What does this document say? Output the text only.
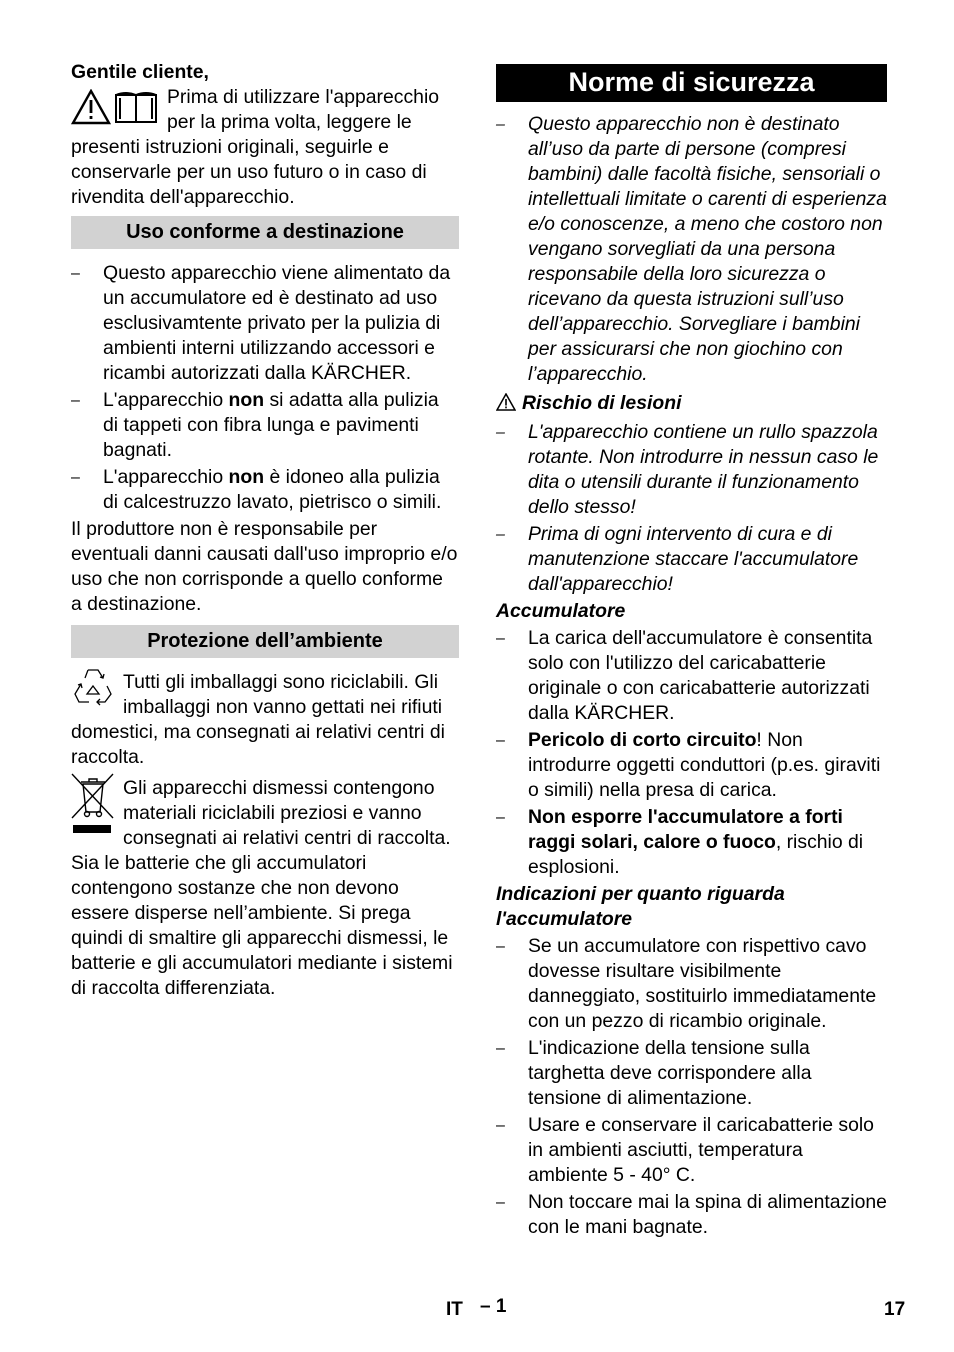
Gentile cliente,

Prima di utilizzare l'apparecchio per la prima volta, leggere le presenti istruzioni originali, seguirle e conservarle per un uso futuro o in caso di rivendita dell'apparecchio.

Uso conforme a destinazione
– Questo apparecchio viene alimentato da un accumulatore ed è destinato ad uso esclusivamtente privato per la pulizia di ambienti interni utilizzando accessori e ricambi autorizzati dalla KÄRCHER.
– L'apparecchio non si adatta alla pulizia di tappeti con fibra lunga e pavimenti bagnati.
– L'apparecchio non è idoneo alla pulizia di calcestruzzo lavato, pietrisco o simili.

Il produttore non è responsabile per eventuali danni causati dall'uso improprio e/o uso che non corrisponde a quello conforme a destinazione.

Protezione dell’ambiente

Tutti gli imballaggi sono riciclabili. Gli imballaggi non vanno gettati nei rifiuti domestici, ma consegnati ai relativi centri di raccolta.

Gli apparecchi dismessi contengono materiali riciclabili preziosi e vanno consegnati ai relativi centri di raccolta. Sia le batterie che gli accumulatori contengono sostanze che non devono essere disperse nell’ambiente. Si prega quindi di smaltire gli apparecchi dismessi, le batterie e gli accumulatori mediante i sistemi di raccolta differenziata.

Norme di sicurezza
– Questo apparecchio non è destinato all’uso da parte di persone (compresi bambini) dalle facoltà fisiche, sensoriali o intellettuali limitate o carenti di esperienza e/o conoscenze, a meno che costoro non vengano sorvegliati da una persona responsabile della loro sicurezza o ricevano da questa istruzioni sull’uso dell’apparecchio. Sorvegliare i bambini per assicurarsi che non giochino con l’apparecchio.
Rischio di lesioni
– L'apparecchio contiene un rullo spazzola rotante. Non introdurre in nessun caso le dita o utensili durante il funzionamento dello stesso!
– Prima di ogni intervento di cura e di manutenzione staccare l'accumulatore dall'apparecchio!

Accumulatore

– La carica dell'accumulatore è consentita solo con l'utilizzo del caricabatterie originale o con caricabatterie autorizzati dalla KÄRCHER.
– Pericolo di corto circuito! Non introdurre oggetti conduttori (p.es. giraviti o simili) nella presa di carica.
– Non esporre l'accumulatore a forti raggi solari, calore o fuoco, rischio di esplosioni.

Indicazioni per quanto riguarda l'accumulatore

– Se un accumulatore con rispettivo cavo dovesse risultare visibilmente danneggiato, sostituirlo immediatamente con un pezzo di ricambio originale.
– L'indicazione della tensione sulla targhetta deve corrispondere alla tensione di alimentazione.
– Usare e conservare il caricabatterie solo in ambienti asciutti, temperatura ambiente 5 - 40° C.
– Non toccare mai la spina di alimentazione con le mani bagnate.
IT – 1	17
